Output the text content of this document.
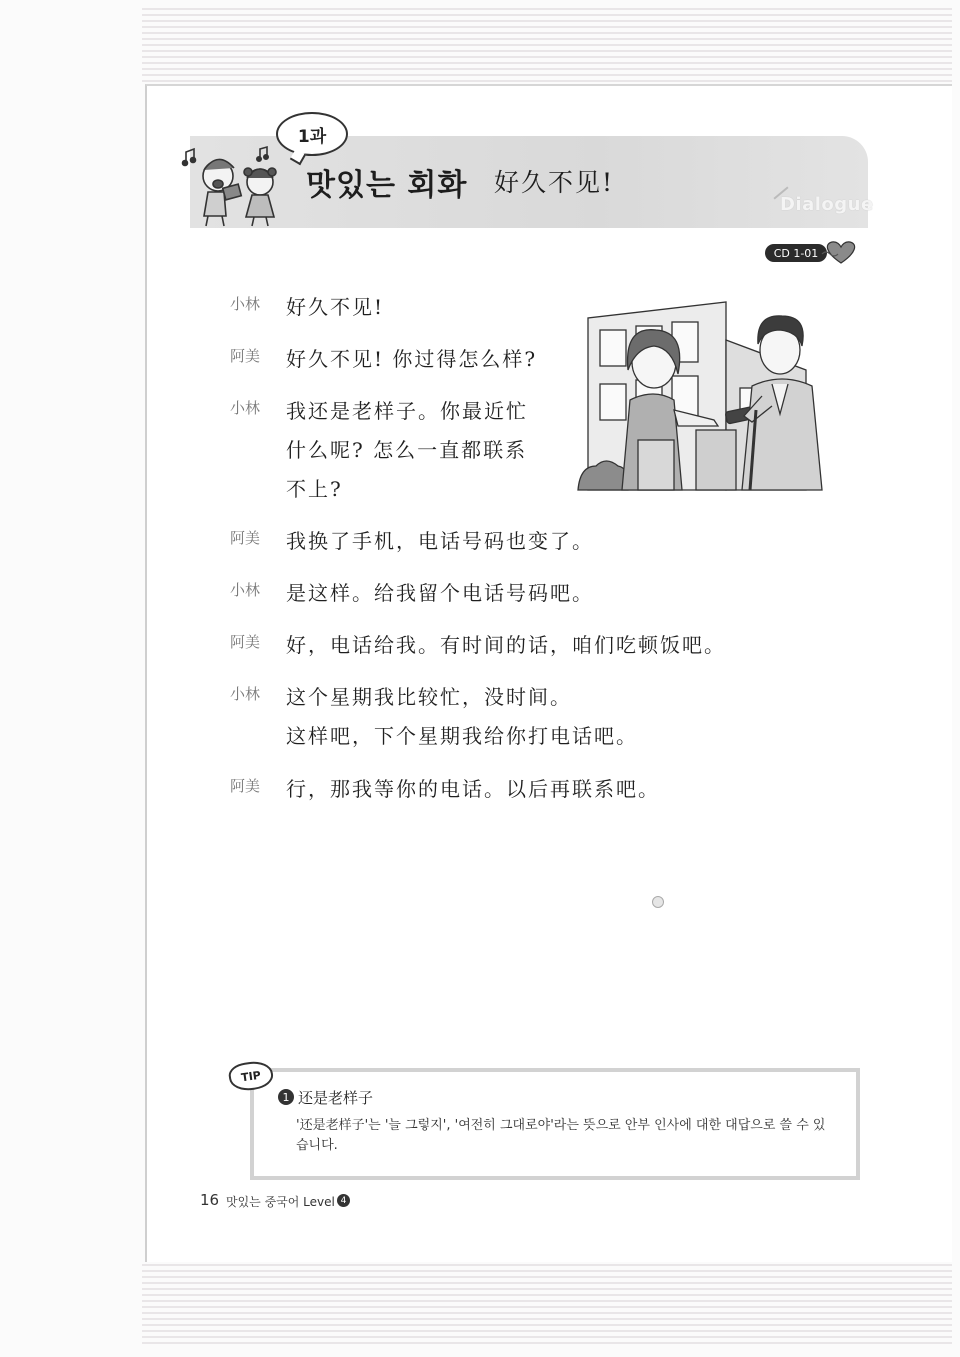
1과
맛있는 회화 好久不见!
Dialogue
CD 1-01
小林	好久不见!
阿美	好久不见! 你过得怎么样?
小林	我还是老样子。你最近忙
什么呢? 怎么一直都联系
不上?
阿美	我换了手机，电话号码也变了。
小林	是这样。给我留个电话号码吧。
阿美	好，电话给我。有时间的话，咱们吃顿饭吧。
小林	这个星期我比较忙，没时间。
这样吧，下个星期我给你打电话吧。
阿美	行，那我等你的电话。以后再联系吧。
TIP
1 还是老样子
'还是老样子'는 '늘 그렇지', '여전히 그대로야'라는 뜻으로 안부 인사에 대한 대답으로 쓸 수 있습니다.
16 맛있는 중국어 Level 4
